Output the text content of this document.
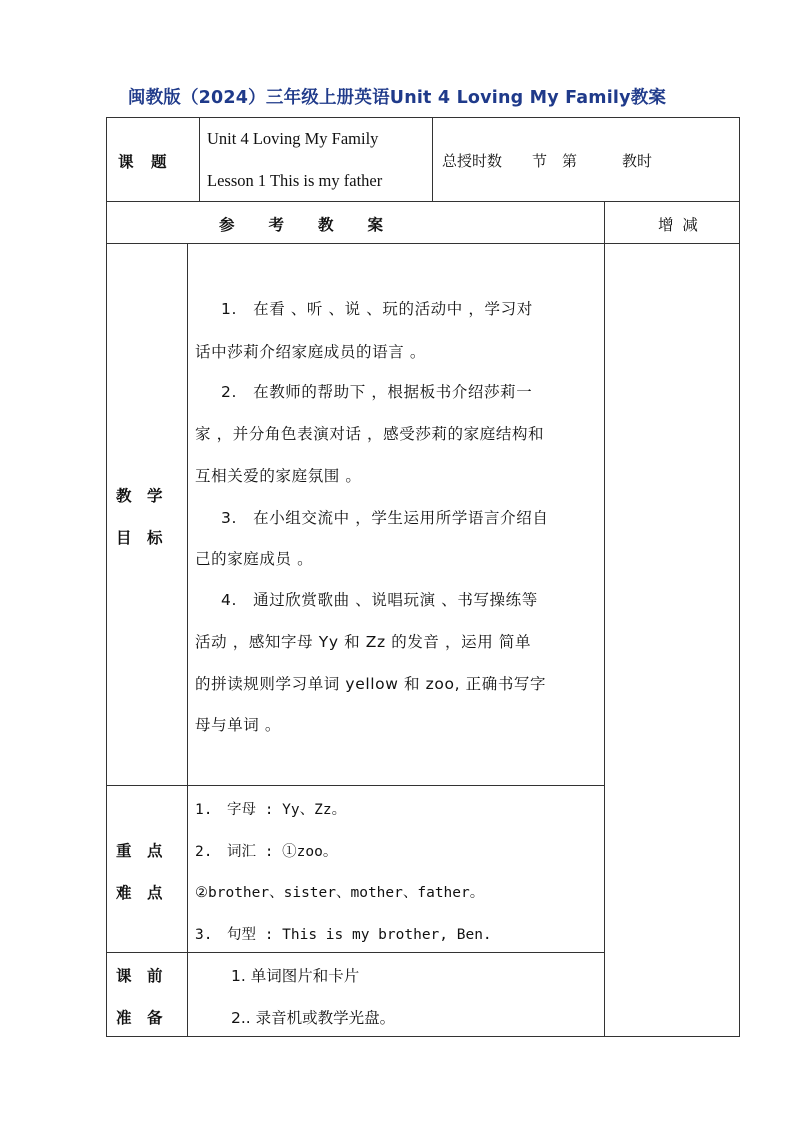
闽教版（2024）三年级上册英语Unit 4 Loving My Family教案
课　题
Unit 4 Loving My Family
Lesson 1 This is my father
总授时数　　节　第　　　教时
参　　考　　教　　案	增 减
教　学
目　标
1.　在看 、听 、说 、玩的活动中 ，学习对
话中莎莉介绍家庭成员的语言 。
2.　在教师的帮助下 ，根据板书介绍莎莉一
家 ，并分角色表演对话 ，感受莎莉的家庭结构和
互相关爱的家庭氛围 。
3.　在小组交流中 ，学生运用所学语言介绍自
己的家庭成员 。
4.　通过欣赏歌曲 、说唱玩演 、书写操练等
活动 ，感知字母 Yy 和 Zz 的发音 ，运用 简单
的拼读规则学习单词 yellow 和 zoo, 正确书写字
母与单词 。
重　点
难　点
1.　字母 : Yy、Zz。
2.　词汇 : ①zoo。
②brother、sister、mother、father。
3.　句型 : This is my brother, Ben.
课　前
准　备
1. 单词图片和卡片
2.. 录音机或教学光盘。
